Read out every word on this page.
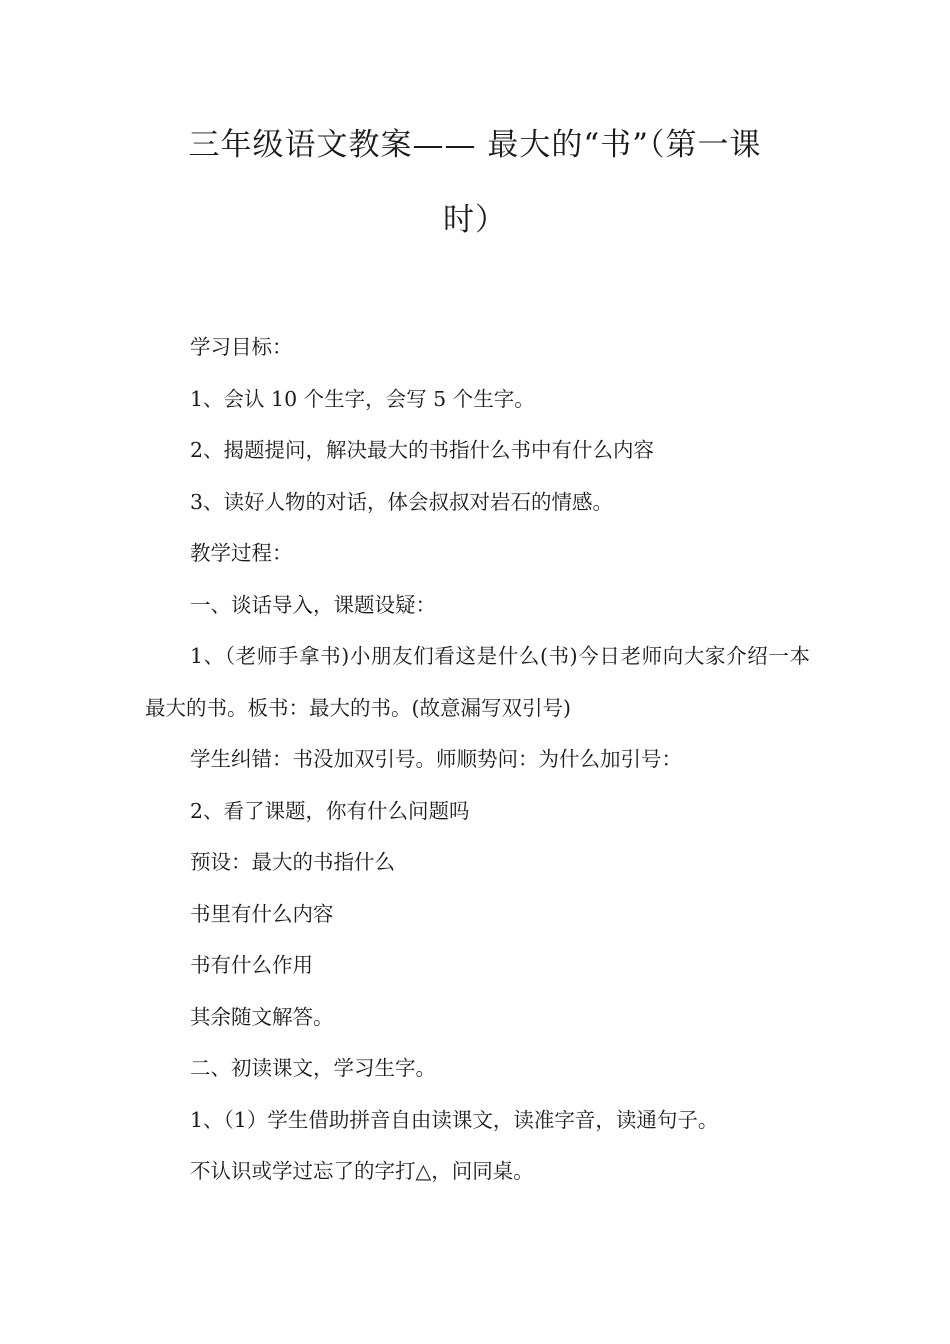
三年级语文教案—— 最大的“书”（第一课
时）

学习目标：

1、会认 10 个生字，会写 5 个生字。

2、揭题提问，解决最大的书指什么书中有什么内容

3、读好人物的对话，体会叔叔对岩石的情感。

教学过程：

一、谈话导入，课题设疑：

1、（老师手拿书)小朋友们看这是什么(书)今日老师向大家介绍一本最大的书。板书：最大的书。(故意漏写双引号)

学生纠错：书没加双引号。师顺势问：为什么加引号：

2、看了课题，你有什么问题吗

预设：最大的书指什么

书里有什么内容

书有什么作用

其余随文解答。

二、初读课文，学习生字。

1、（1）学生借助拼音自由读课文，读准字音，读通句子。

不认识或学过忘了的字打△，问同桌。
